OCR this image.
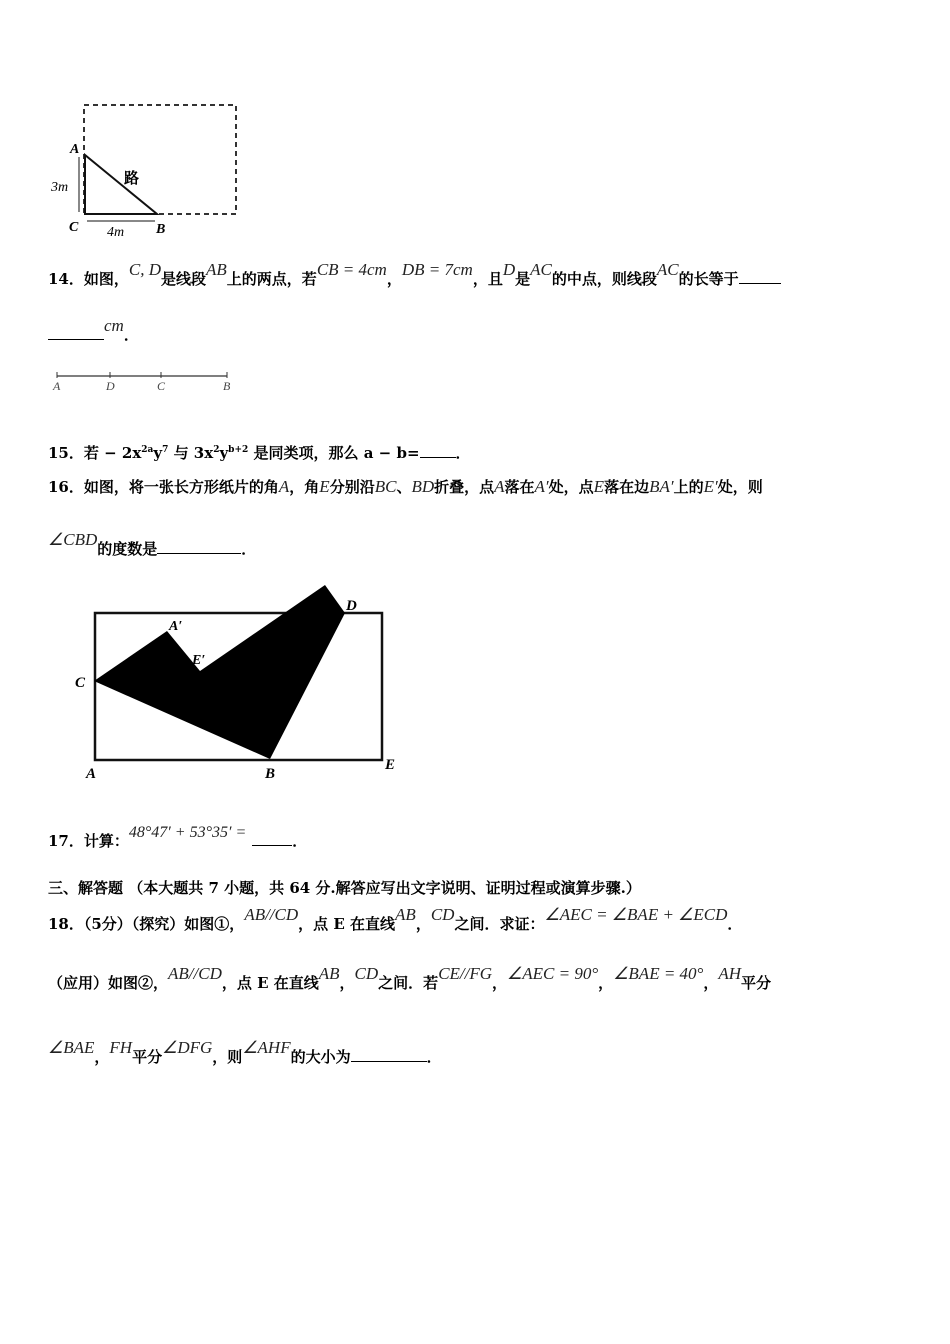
A
C	B
3m
4m
路
14．如图，C, D是线段AB上的两点，若CB = 4cm，DB = 7cm，且D是AC的中点，则线段AC的长等于
cm．
A	D	C	B
15．若 − $2x^{2a}y^7$ 与 $3x^2y^{b+2}$ 是同类项，那么 a − b= ．
16．如图，将一张长方形纸片的角A，角E分别沿BC、BD折叠，点A落在A′处，点E落在边BA′上的E′处，则
∠CBD的度数是	．
C
A	B
D
E
A′
E′
17．计算：48°47′ + 53°35′ =	．
三、解答题 （本大题共 7 小题，共 64 分.解答应写出文字说明、证明过程或演算步骤.）
18．（5分）（探究）如图①，AB//CD，点 E 在直线AB，CD之间．求证：∠AEC = ∠BAE + ∠ECD．
（应用）如图②，AB//CD，点 E 在直线AB，CD之间．若CE//FG，∠AEC = 90°，∠BAE = 40°，AH平分
∠BAE，FH平分∠DFG，则∠AHF的大小为	．
